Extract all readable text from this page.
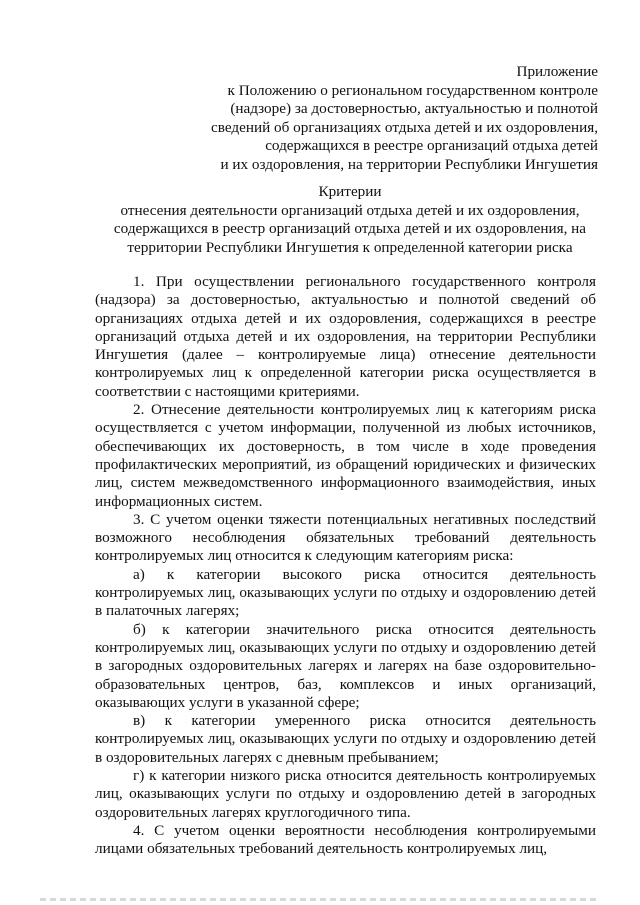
Приложение
к Положению о региональном государственном контроле
(надзоре) за достоверностью, актуальностью и полнотой
сведений об организациях отдыха детей и их оздоровления,
содержащихся в реестре организаций отдыха детей
и их оздоровления, на территории Республики Ингушетия
Критерии
отнесения деятельности организаций отдыха детей и их оздоровления,
содержащихся в реестр организаций отдыха детей и их оздоровления, на
территории Республики Ингушетия к определенной категории риска

1. При осуществлении регионального государственного контроля (надзора) за достоверностью, актуальностью и полнотой сведений об организациях отдыха детей и их оздоровления, содержащихся в реестре организаций отдыха детей и их оздоровления, на территории Республики Ингушетия (далее – контролируемые лица) отнесение деятельности контролируемых лиц к определенной категории риска осуществляется в соответствии с настоящими критериями.

2. Отнесение деятельности контролируемых лиц к категориям риска осуществляется с учетом информации, полученной из любых источников, обеспечивающих их достоверность, в том числе в ходе проведения профилактических мероприятий, из обращений юридических и физических лиц, систем межведомственного информационного взаимодействия, иных информационных систем.

3. С учетом оценки тяжести потенциальных негативных последствий возможного несоблюдения обязательных требований деятельность контролируемых лиц относится к следующим категориям риска:

а) к категории высокого риска относится деятельность контролируемых лиц, оказывающих услуги по отдыху и оздоровлению детей в палаточных лагерях;

б) к категории значительного риска относится деятельность контролируемых лиц, оказывающих услуги по отдыху и оздоровлению детей в загородных оздоровительных лагерях и лагерях на базе оздоровительно-образовательных центров, баз, комплексов и иных организаций, оказывающих услуги в указанной сфере;

в) к категории умеренного риска относится деятельность контролируемых лиц, оказывающих услуги по отдыху и оздоровлению детей в оздоровительных лагерях с дневным пребыванием;

г) к категории низкого риска относится деятельность контролируемых лиц, оказывающих услуги по отдыху и оздоровлению детей в загородных оздоровительных лагерях круглогодичного типа.

4. С учетом оценки вероятности несоблюдения контролируемыми лицами обязательных требований деятельность контролируемых лиц,
